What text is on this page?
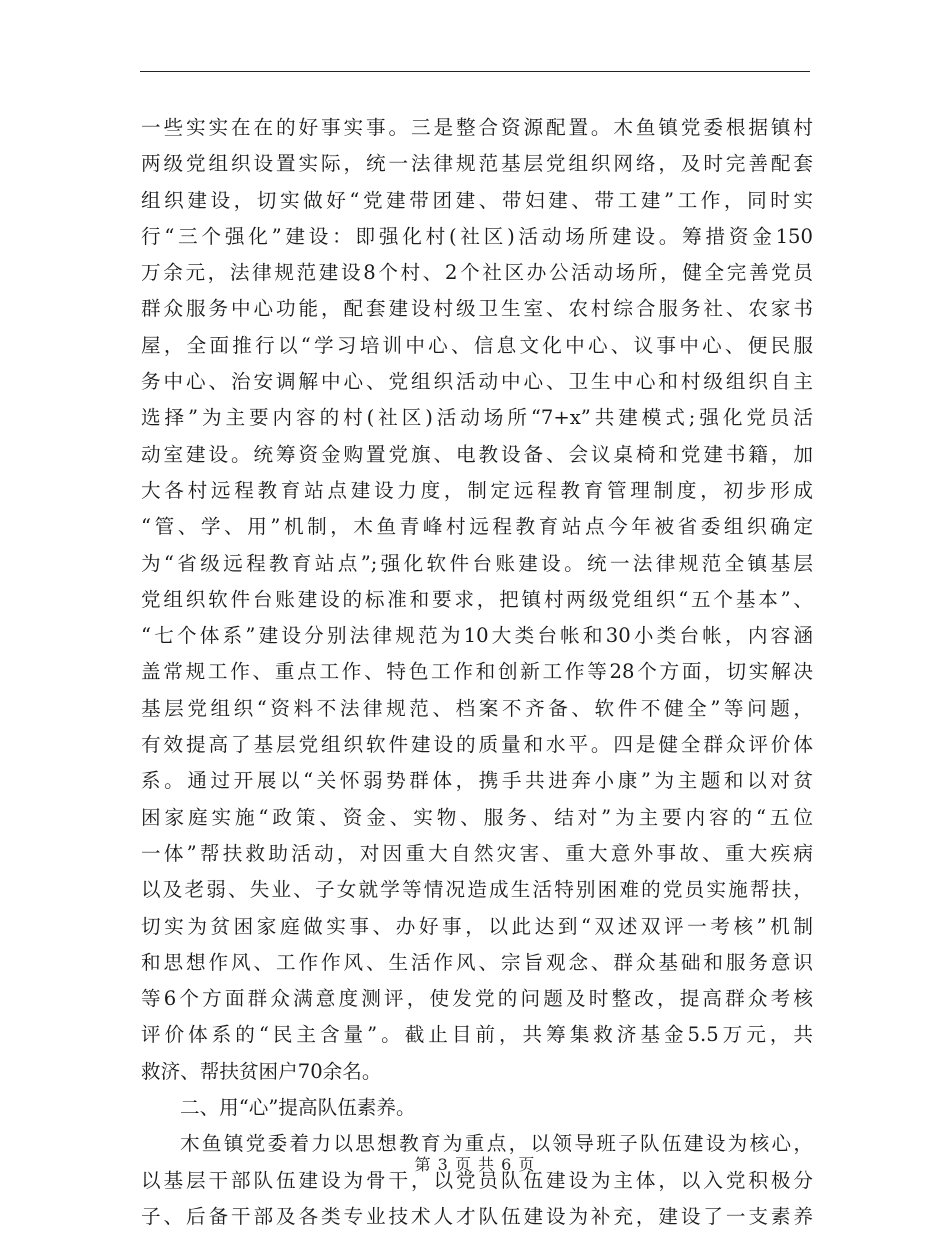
一些实实在在的好事实事。三是整合资源配置。木鱼镇党委根据镇村
两级党组织设置实际，统一法律规范基层党组织网络，及时完善配套
组织建设，切实做好“党建带团建、带妇建、带工建”工作，同时实
行“三个强化”建设：即强化村(社区)活动场所建设。筹措资金150
万余元，法律规范建设8个村、2个社区办公活动场所，健全完善党员
群众服务中心功能，配套建设村级卫生室、农村综合服务社、农家书
屋，全面推行以“学习培训中心、信息文化中心、议事中心、便民服
务中心、治安调解中心、党组织活动中心、卫生中心和村级组织自主
选择”为主要内容的村(社区)活动场所“7+x”共建模式;强化党员活
动室建设。统筹资金购置党旗、电教设备、会议桌椅和党建书籍，加
大各村远程教育站点建设力度，制定远程教育管理制度，初步形成
“管、学、用”机制，木鱼青峰村远程教育站点今年被省委组织确定
为“省级远程教育站点”;强化软件台账建设。统一法律规范全镇基层
党组织软件台账建设的标准和要求，把镇村两级党组织“五个基本”、
“七个体系”建设分别法律规范为10大类台帐和30小类台帐，内容涵
盖常规工作、重点工作、特色工作和创新工作等28个方面，切实解决
基层党组织“资料不法律规范、档案不齐备、软件不健全”等问题，
有效提高了基层党组织软件建设的质量和水平。四是健全群众评价体
系。通过开展以“关怀弱势群体，携手共进奔小康”为主题和以对贫
困家庭实施“政策、资金、实物、服务、结对”为主要内容的“五位
一体”帮扶救助活动，对因重大自然灾害、重大意外事故、重大疾病
以及老弱、失业、子女就学等情况造成生活特别困难的党员实施帮扶，
切实为贫困家庭做实事、办好事，以此达到“双述双评一考核”机制
和思想作风、工作作风、生活作风、宗旨观念、群众基础和服务意识
等6个方面群众满意度测评，使发党的问题及时整改，提高群众考核
评价体系的“民主含量”。截止目前，共筹集救济基金5.5万元，共
救济、帮扶贫困户70余名。
二、用“心”提高队伍素养。
木鱼镇党委着力以思想教育为重点，以领导班子队伍建设为核心，
以基层干部队伍建设为骨干，以党员队伍建设为主体，以入党积极分
子、后备干部及各类专业技术人才队伍建设为补充，建设了一支素养
第 3 页 共 6 页
